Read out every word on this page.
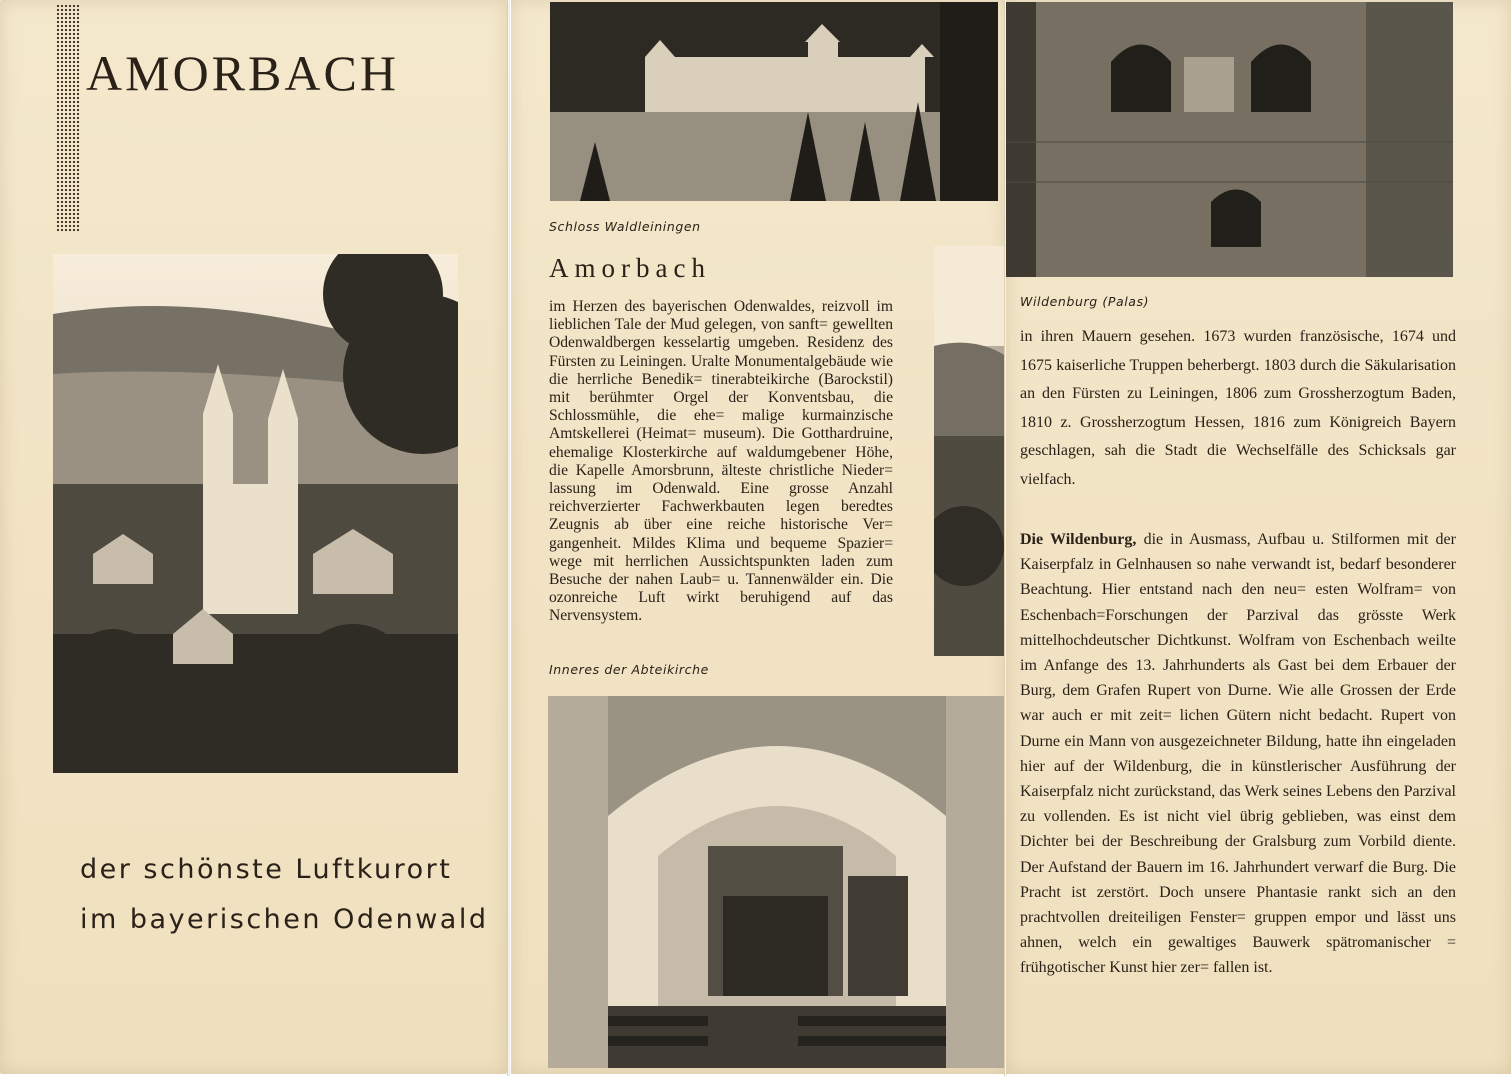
AMORBACH
der schönste Luftkurort
im bayerischen Odenwald
Schloss Waldleiningen
Amorbach

im Herzen des bayerischen Odenwaldes, reizvoll im lieblichen Tale der Mud gelegen, von sanft= gewellten Odenwaldbergen kesselartig umgeben. Residenz des Fürsten zu Leiningen. Uralte Monumentalgebäude wie die herrliche Benedik= tinerabteikirche (Barockstil) mit berühmter Orgel der Konventsbau, die Schlossmühle, die ehe= malige kurmainzische Amtskellerei (Heimat= museum). Die Gotthardruine, ehemalige Klosterkirche auf waldumgebener Höhe, die Kapelle Amorsbrunn, älteste christliche Nieder= lassung im Odenwald. Eine grosse Anzahl reichverzierter Fachwerkbauten legen beredtes Zeugnis ab über eine reiche historische Ver= gangenheit. Mildes Klima und bequeme Spazier= wege mit herrlichen Aussichtspunkten laden zum Besuche der nahen Laub= u. Tannenwälder ein. Die ozonreiche Luft wirkt beruhigend auf das Nervensystem.

Inneres der Abteikirche
Wildenburg (Palas)

in ihren Mauern gesehen. 1673 wurden französische, 1674 und 1675 kaiserliche Truppen beherbergt. 1803 durch die Säkularisation an den Fürsten zu Leiningen, 1806 zum Grossherzogtum Baden, 1810 z. Grossherzogtum Hessen, 1816 zum Königreich Bayern geschlagen, sah die Stadt die Wechselfälle des Schicksals gar vielfach.

Die Wildenburg, die in Ausmass, Aufbau u. Stilformen mit der Kaiserpfalz in Gelnhausen so nahe verwandt ist, bedarf besonderer Beachtung. Hier entstand nach den neu= esten Wolfram= von Eschenbach=Forschungen der Parzival das grösste Werk mittelhochdeutscher Dichtkunst. Wolfram von Eschenbach weilte im Anfange des 13. Jahrhunderts als Gast bei dem Erbauer der Burg, dem Grafen Rupert von Durne. Wie alle Grossen der Erde war auch er mit zeit= lichen Gütern nicht bedacht. Rupert von Durne ein Mann von ausgezeichneter Bildung, hatte ihn eingeladen hier auf der Wildenburg, die in künstlerischer Ausführung der Kaiserpfalz nicht zurückstand, das Werk seines Lebens den Parzival zu vollenden. Es ist nicht viel übrig geblieben, was einst dem Dichter bei der Beschreibung der Gralsburg zum Vorbild diente. Der Aufstand der Bauern im 16. Jahrhundert verwarf die Burg. Die Pracht ist zerstört. Doch unsere Phantasie rankt sich an den prachtvollen dreiteiligen Fenster= gruppen empor und lässt uns ahnen, welch ein gewaltiges Bauwerk spätromanischer = frühgotischer Kunst hier zer= fallen ist.
